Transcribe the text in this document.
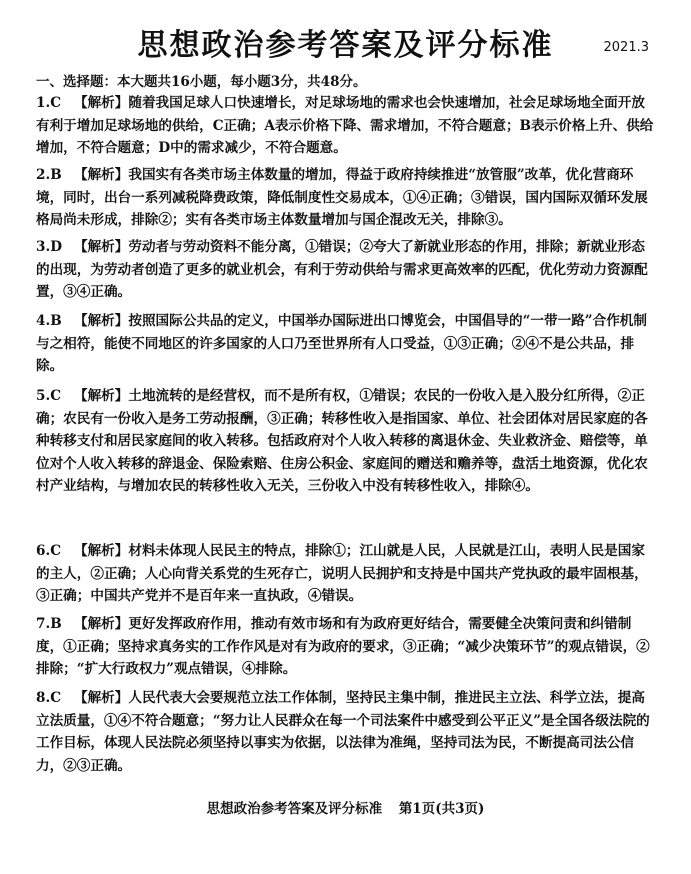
思想政治参考答案及评分标准	2021.3
一、选择题：本大题共16小题，每小题3分，共48分。
1.C 【解析】随着我国足球人口快速增长，对足球场地的需求也会快速增加，社会足球场地全面开放有利于增加足球场地的供给，C正确；A表示价格下降、需求增加，不符合题意；B表示价格上升、供给增加，不符合题意；D中的需求减少，不符合题意。
2.B 【解析】我国实有各类市场主体数量的增加，得益于政府持续推进“放管服”改革，优化营商环境，同时，出台一系列减税降费政策，降低制度性交易成本，①④正确；③错误，国内国际双循环发展格局尚未形成，排除②；实有各类市场主体数量增加与国企混改无关，排除③。
3.D 【解析】劳动者与劳动资料不能分离，①错误；②夸大了新就业形态的作用，排除；新就业形态的出现，为劳动者创造了更多的就业机会，有利于劳动供给与需求更高效率的匹配，优化劳动力资源配置，③④正确。
4.B 【解析】按照国际公共品的定义，中国举办国际进出口博览会，中国倡导的“一带一路”合作机制与之相符，能使不同地区的许多国家的人口乃至世界所有人口受益，①③正确；②④不是公共品，排除。
5.C 【解析】土地流转的是经营权，而不是所有权，①错误；农民的一份收入是入股分红所得，②正确；农民有一份收入是务工劳动报酬，③正确；转移性收入是指国家、单位、社会团体对居民家庭的各种转移支付和居民家庭间的收入转移。包括政府对个人收入转移的离退休金、失业救济金、赔偿等，单位对个人收入转移的辞退金、保险索赔、住房公积金、家庭间的赠送和赡养等，盘活土地资源，优化农村产业结构，与增加农民的转移性收入无关，三份收入中没有转移性收入，排除④。
6.C 【解析】材料未体现人民民主的特点，排除①；江山就是人民，人民就是江山，表明人民是国家的主人，②正确；人心向背关系党的生死存亡，说明人民拥护和支持是中国共产党执政的最牢固根基，③正确；中国共产党并不是百年来一直执政，④错误。
7.B 【解析】更好发挥政府作用，推动有效市场和有为政府更好结合，需要健全决策问责和纠错制度，①正确；坚持求真务实的工作作风是对有为政府的要求，③正确；“减少决策环节”的观点错误，②排除；“扩大行政权力”观点错误，④排除。
8.C 【解析】人民代表大会要规范立法工作体制，坚持民主集中制，推进民主立法、科学立法，提高立法质量，①④不符合题意；“努力让人民群众在每一个司法案件中感受到公平正义”是全国各级法院的工作目标，体现人民法院必须坚持以事实为依据，以法律为准绳，坚持司法为民，不断提高司法公信力，②③正确。
思想政治参考答案及评分标准 第1页(共3页)
